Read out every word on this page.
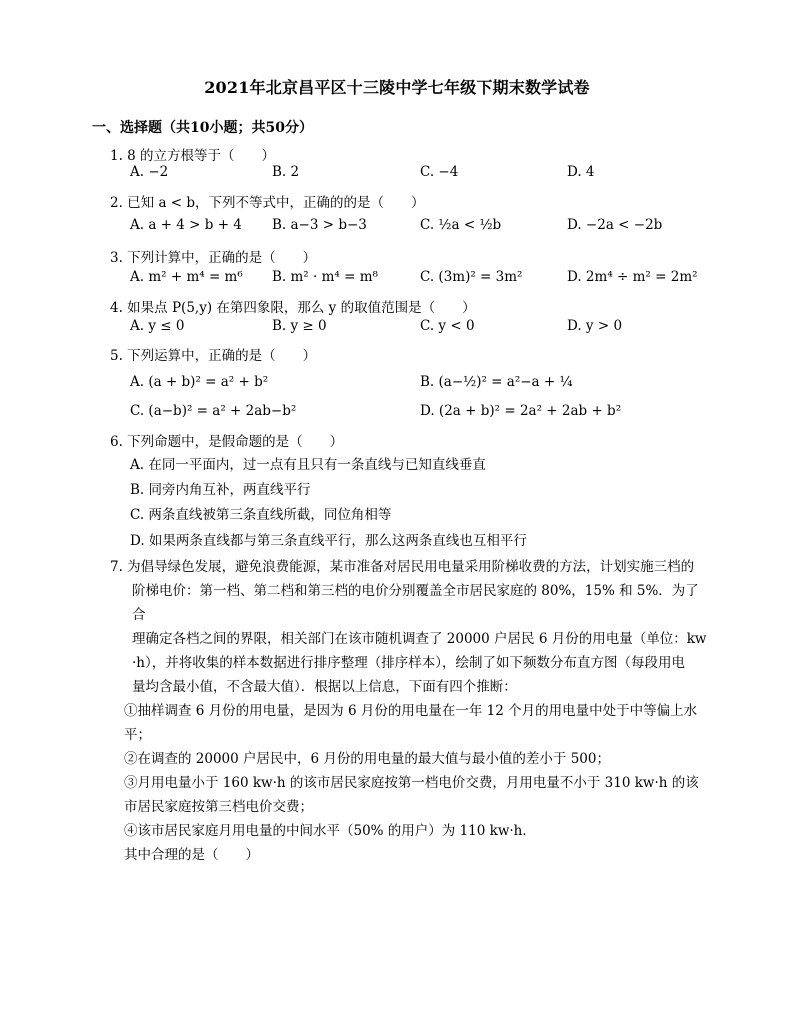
2021年北京昌平区十三陵中学七年级下期末数学试卷
一、选择题（共10小题；共50分）
1. 8 的立方根等于（　　）
A. −2	B. 2	C. −4	D. 4
2. 已知 a < b，下列不等式中，正确的的是（　　）
A. a + 4 > b + 4 B. a−3 > b−3	C. ½a < ½b	D. −2a < −2b
3. 下列计算中，正确的是（　　）
A. m² + m⁴ = m⁶ B. m² · m⁴ = m⁸	C. (3m)² = 3m²	D. 2m⁴ ÷ m² = 2m²
4. 如果点 P(5,y) 在第四象限，那么 y 的取值范围是（　　）
A. y ≤ 0	B. y ≥ 0	C. y < 0	D. y > 0
5. 下列运算中，正确的是（　　）
A. (a + b)² = a² + b²	B. (a−½)² = a²−a + ¼
C. (a−b)² = a² + 2ab−b²	D. (2a + b)² = 2a² + 2ab + b²
6. 下列命题中，是假命题的是（　　）
A. 在同一平面内，过一点有且只有一条直线与已知直线垂直
B. 同旁内角互补，两直线平行
C. 两条直线被第三条直线所截，同位角相等
D. 如果两条直线都与第三条直线平行，那么这两条直线也互相平行
7. 为倡导绿色发展，避免浪费能源，某市准备对居民用电量采用阶梯收费的方法，计划实施三档的
阶梯电价：第一档、第二档和第三档的电价分别覆盖全市居民家庭的 80%，15% 和 5%．为了合
理确定各档之间的界限，相关部门在该市随机调查了 20000 户居民 6 月份的用电量（单位：kw
·h），并将收集的样本数据进行排序整理（排序样本），绘制了如下频数分布直方图（每段用电
量均含最小值，不含最大值）．根据以上信息，下面有四个推断：
①抽样调查 6 月份的用电量，是因为 6 月份的用电量在一年 12 个月的用电量中处于中等偏上水
平；
②在调查的 20000 户居民中，6 月份的用电量的最大值与最小值的差小于 500；
③月用电量小于 160 kw·h 的该市居民家庭按第一档电价交费，月用电量不小于 310 kw·h 的该
市居民家庭按第三档电价交费；
④该市居民家庭月用电量的中间水平（50% 的用户）为 110 kw·h．
其中合理的是（　　）
